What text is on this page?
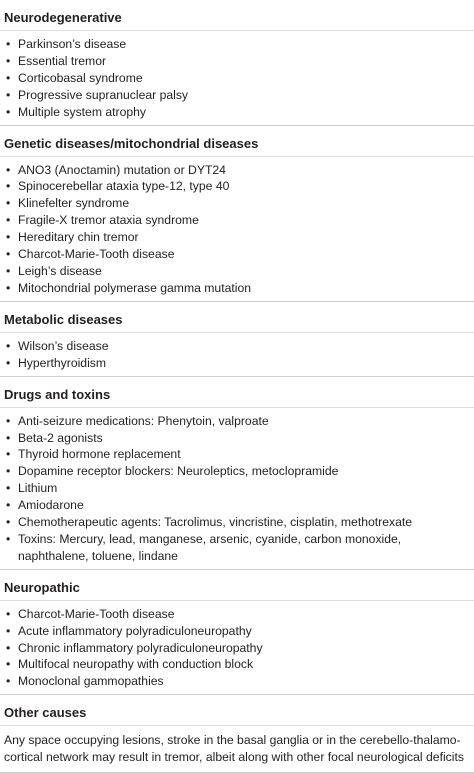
Neurodegenerative
• Parkinson’s disease
• Essential tremor
• Corticobasal syndrome
• Progressive supranuclear palsy
• Multiple system atrophy
Genetic diseases/mitochondrial diseases
• ANO3 (Anoctamin) mutation or DYT24
• Spinocerebellar ataxia type-12, type 40
• Klinefelter syndrome
• Fragile-X tremor ataxia syndrome
• Hereditary chin tremor
• Charcot-Marie-Tooth disease
• Leigh’s disease
• Mitochondrial polymerase gamma mutation
Metabolic diseases
• Wilson’s disease
• Hyperthyroidism
Drugs and toxins
• Anti-seizure medications: Phenytoin, valproate
• Beta-2 agonists
• Thyroid hormone replacement
• Dopamine receptor blockers: Neuroleptics, metoclopramide
• Lithium
• Amiodarone
• Chemotherapeutic agents: Tacrolimus, vincristine, cisplatin, methotrexate
• Toxins: Mercury, lead, manganese, arsenic, cyanide, carbon monoxide, naphthalene, toluene, lindane
Neuropathic
• Charcot-Marie-Tooth disease
• Acute inflammatory polyradiculoneuropathy
• Chronic inflammatory polyradiculoneuropathy
• Multifocal neuropathy with conduction block
• Monoclonal gammopathies
Other causes

Any space occupying lesions, stroke in the basal ganglia or in the cerebello-thalamo-cortical network may result in tremor, albeit along with other focal neurological deficits
